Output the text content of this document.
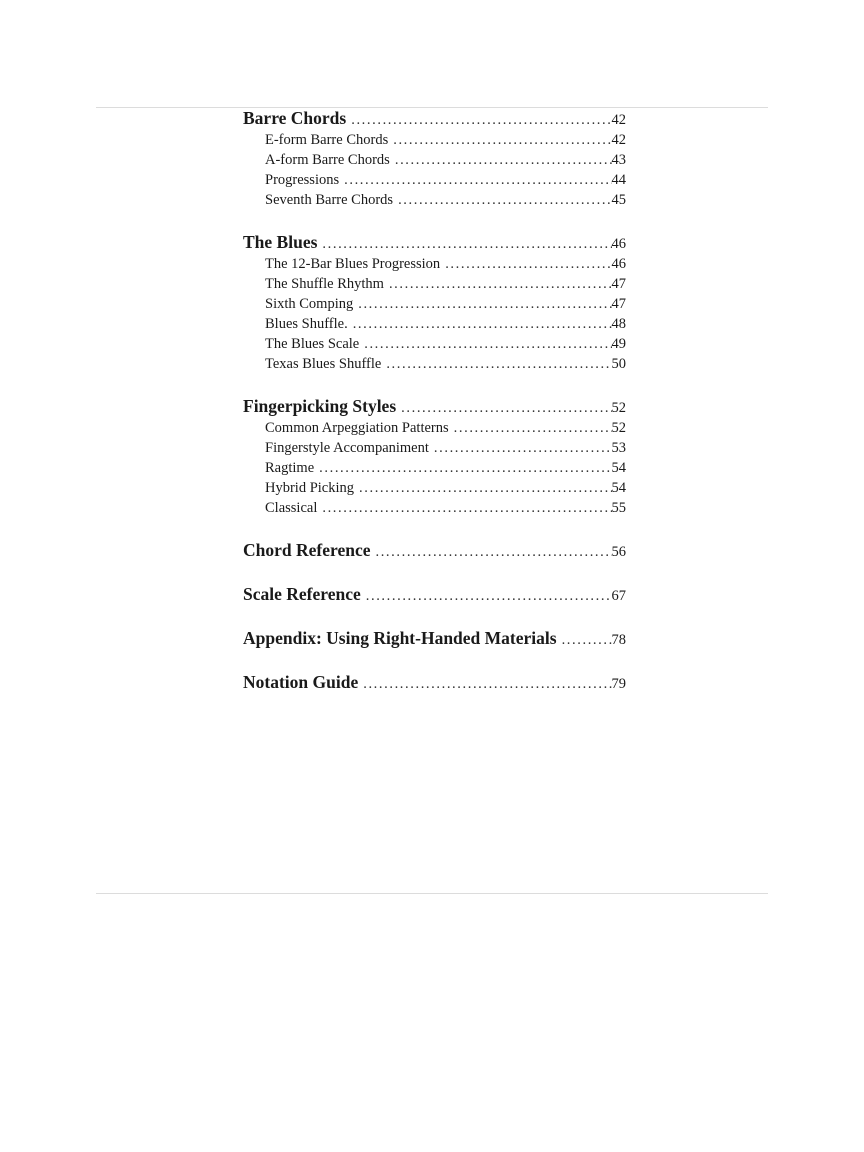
Barre Chords .....	42
E-form Barre Chords .....	42
A-form Barre Chords .....	43
Progressions .....	44
Seventh Barre Chords .....	45
The Blues .....	46
The 12-Bar Blues Progression .....	46
The Shuffle Rhythm .....	47
Sixth Comping .....	47
Blues Shuffle. .....	48
The Blues Scale .....	49
Texas Blues Shuffle .....	50
Fingerpicking Styles .....	52
Common Arpeggiation Patterns .....	52
Fingerstyle Accompaniment .....	53
Ragtime .....	54
Hybrid Picking .....	54
Classical .....	55
Chord Reference .....	56
Scale Reference .....	67
Appendix: Using Right-Handed Materials .....	78
Notation Guide .....	79
